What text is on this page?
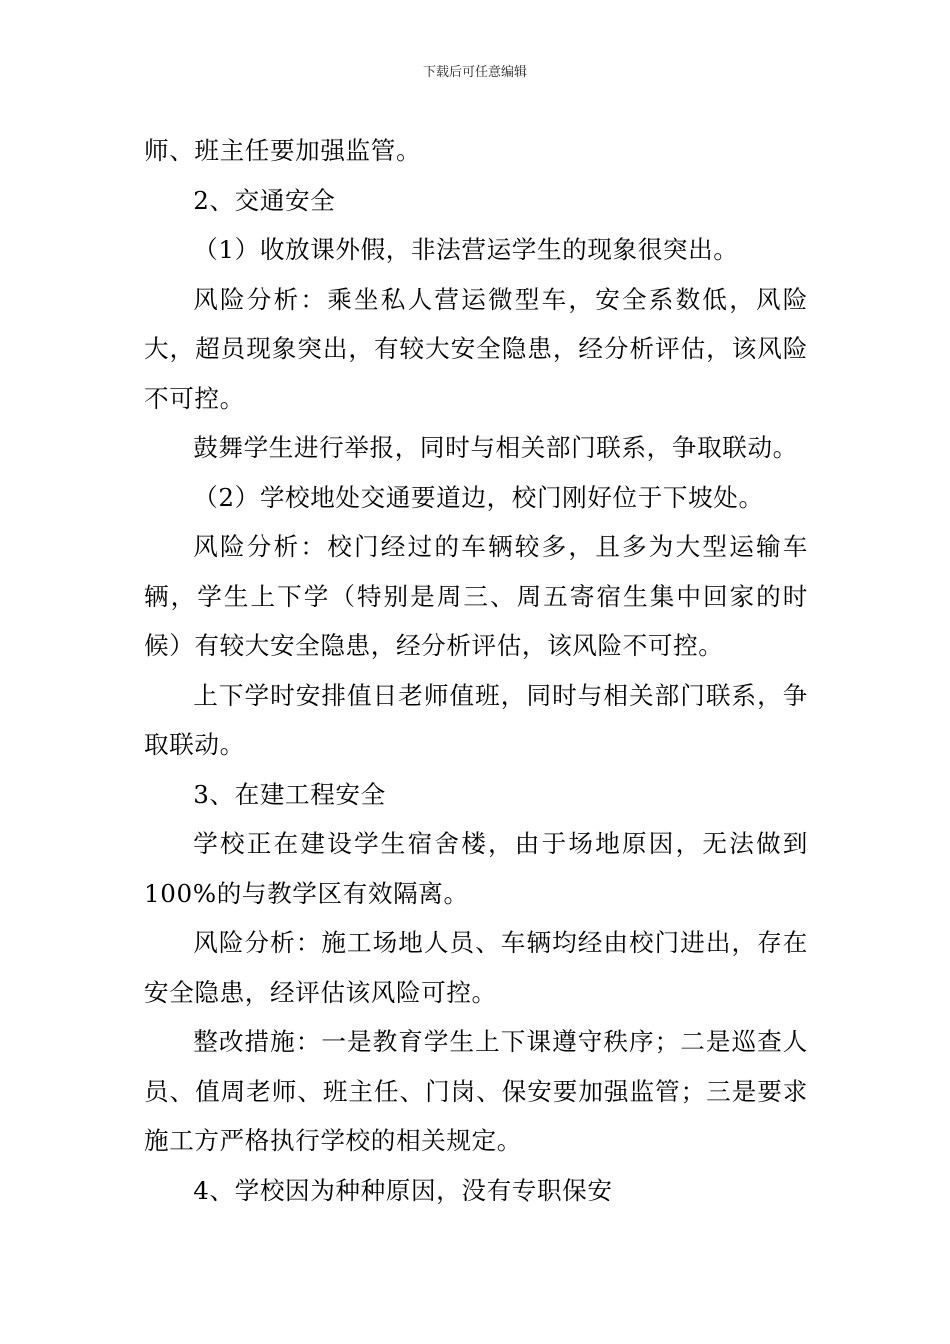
下载后可任意编辑

师、班主任要加强监管。

2、交通安全

（1）收放课外假，非法营运学生的现象很突出。

风险分析：乘坐私人营运微型车，安全系数低，风险大，超员现象突出，有较大安全隐患，经分析评估，该风险不可控。

鼓舞学生进行举报，同时与相关部门联系，争取联动。

（2）学校地处交通要道边，校门刚好位于下坡处。

风险分析：校门经过的车辆较多，且多为大型运输车辆，学生上下学（特别是周三、周五寄宿生集中回家的时候）有较大安全隐患，经分析评估，该风险不可控。

上下学时安排值日老师值班，同时与相关部门联系，争取联动。

3、在建工程安全

学校正在建设学生宿舍楼，由于场地原因，无法做到100%的与教学区有效隔离。

风险分析：施工场地人员、车辆均经由校门进出，存在安全隐患，经评估该风险可控。

整改措施：一是教育学生上下课遵守秩序；二是巡查人员、值周老师、班主任、门岗、保安要加强监管；三是要求施工方严格执行学校的相关规定。

4、学校因为种种原因，没有专职保安
